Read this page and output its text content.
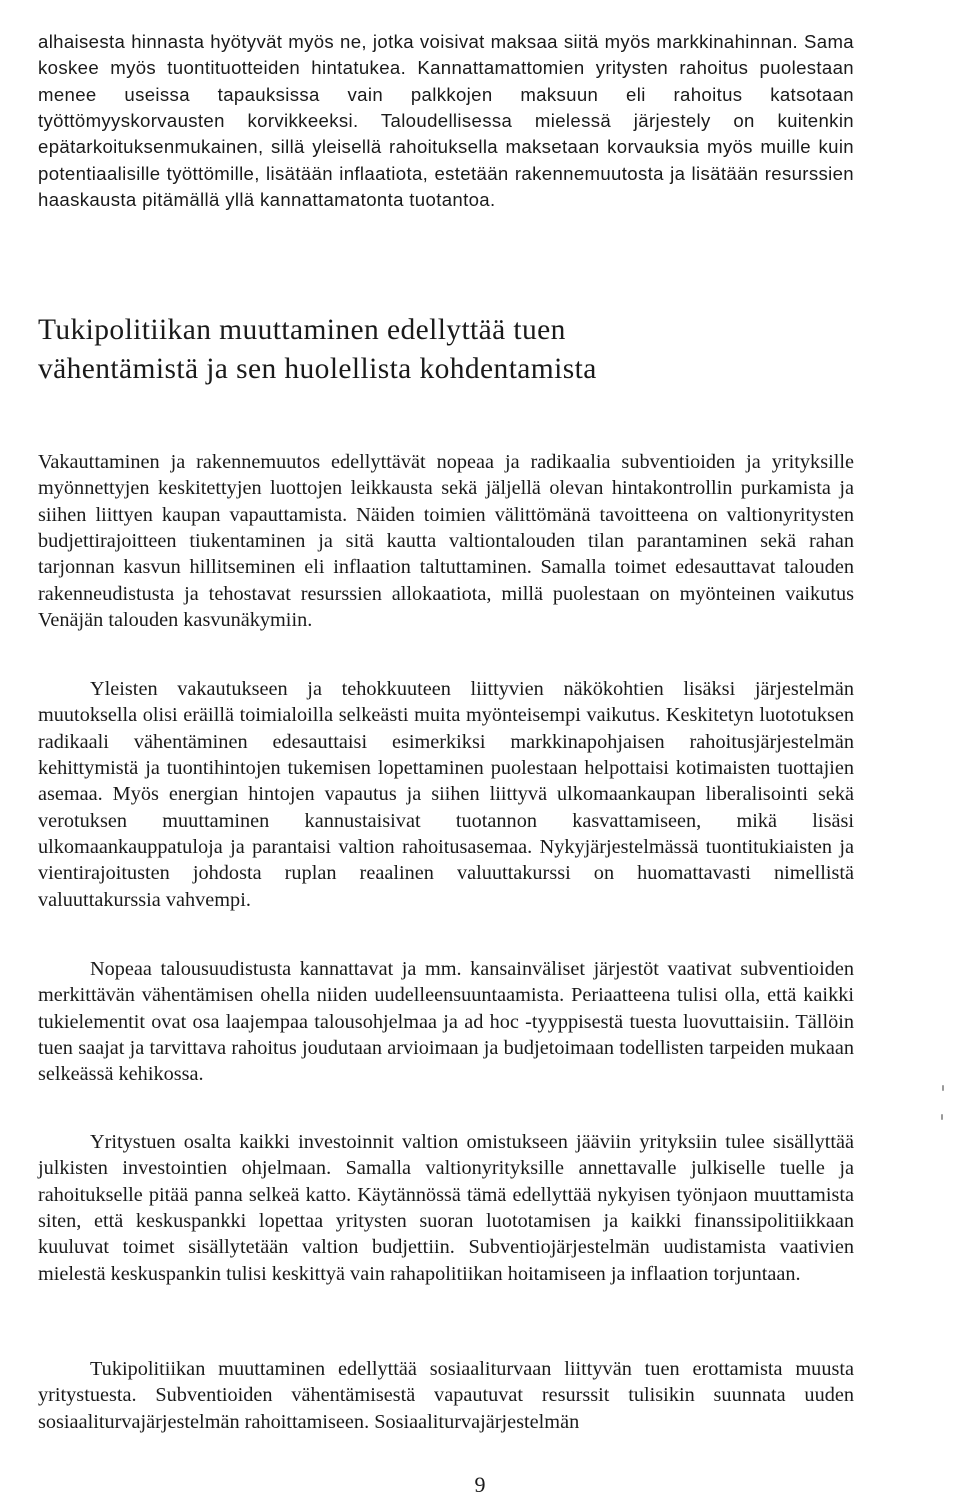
alhaisesta hinnasta hyötyvät myös ne, jotka voisivat maksaa siitä myös markkinahinnan. Sama koskee myös tuontituotteiden hintatukea. Kannattamattomien yritysten rahoitus puolestaan menee useissa tapauksissa vain palkkojen maksuun eli rahoitus katsotaan työttömyyskorvausten korvikkeeksi. Taloudellisessa mielessä järjestely on kuitenkin epätarkoituksenmukainen, sillä yleisellä rahoituksella maksetaan korvauksia myös muille kuin potentiaalisille työttömille, lisätään inflaatiota, estetään rakennemuutosta ja lisätään resurssien haaskausta pitämällä yllä kannattamatonta tuotantoa.

Tukipolitiikan muuttaminen edellyttää tuen
vähentämistä ja sen huolellista kohdentamista

Vakauttaminen ja rakennemuutos edellyttävät nopeaa ja radikaalia subventioiden ja yrityksille myönnettyjen keskitettyjen luottojen leikkausta sekä jäljellä olevan hintakontrollin purkamista ja siihen liittyen kaupan vapauttamista. Näiden toimien välittömänä tavoitteena on valtionyritysten budjettirajoitteen tiukentaminen ja sitä kautta valtiontalouden tilan parantaminen sekä rahan tarjonnan kasvun hillitseminen eli inflaation taltuttaminen. Samalla toimet edesauttavat talouden rakenneudistusta ja tehostavat resurssien allokaatiota, millä puolestaan on myönteinen vaikutus Venäjän talouden kasvunäkymiin.

Yleisten vakautukseen ja tehokkuuteen liittyvien näkökohtien lisäksi järjestelmän muutoksella olisi eräillä toimialoilla selkeästi muita myönteisempi vaikutus. Keskitetyn luototuksen radikaali vähentäminen edesauttaisi esimerkiksi markkinapohjaisen rahoitusjärjestelmän kehittymistä ja tuontihintojen tukemisen lopettaminen puolestaan helpottaisi kotimaisten tuottajien asemaa. Myös energian hintojen vapautus ja siihen liittyvä ulkomaankaupan liberalisointi sekä verotuksen muuttaminen kannustaisivat tuotannon kasvattamiseen, mikä lisäsi ulkomaankauppatuloja ja parantaisi valtion rahoitusasemaa. Nykyjärjestelmässä tuontitukiaisten ja vientirajoitusten johdosta ruplan reaalinen valuuttakurssi on huomattavasti nimellistä valuuttakurssia vahvempi.

Nopeaa talousuudistusta kannattavat ja mm. kansainväliset järjestöt vaativat subventioiden merkittävän vähentämisen ohella niiden uudelleensuuntaamista. Periaatteena tulisi olla, että kaikki tukielementit ovat osa laajempaa talousohjelmaa ja ad hoc -tyyppisestä tuesta luovuttaisiin. Tällöin tuen saajat ja tarvittava rahoitus joudutaan arvioimaan ja budjetoimaan todellisten tarpeiden mukaan selkeässä kehikossa.

Yritystuen osalta kaikki investoinnit valtion omistukseen jääviin yrityksiin tulee sisällyttää julkisten investointien ohjelmaan. Samalla valtionyrityksille annettavalle julkiselle tuelle ja rahoitukselle pitää panna selkeä katto. Käytännössä tämä edellyttää nykyisen työnjaon muuttamista siten, että keskuspankki lopettaa yritysten suoran luototamisen ja kaikki finanssipolitiikkaan kuuluvat toimet sisällytetään valtion budjettiin. Subventiojärjestelmän uudistamista vaativien mielestä keskuspankin tulisi keskittyä vain rahapolitiikan hoitamiseen ja inflaation torjuntaan.

Tukipolitiikan muuttaminen edellyttää sosiaaliturvaan liittyvän tuen erottamista muusta yritystuesta. Subventioiden vähentämisestä vapautuvat resurssit tulisikin suunnata uuden sosiaaliturvajärjestelmän rahoittamiseen. Sosiaaliturvajärjestelmän

9
